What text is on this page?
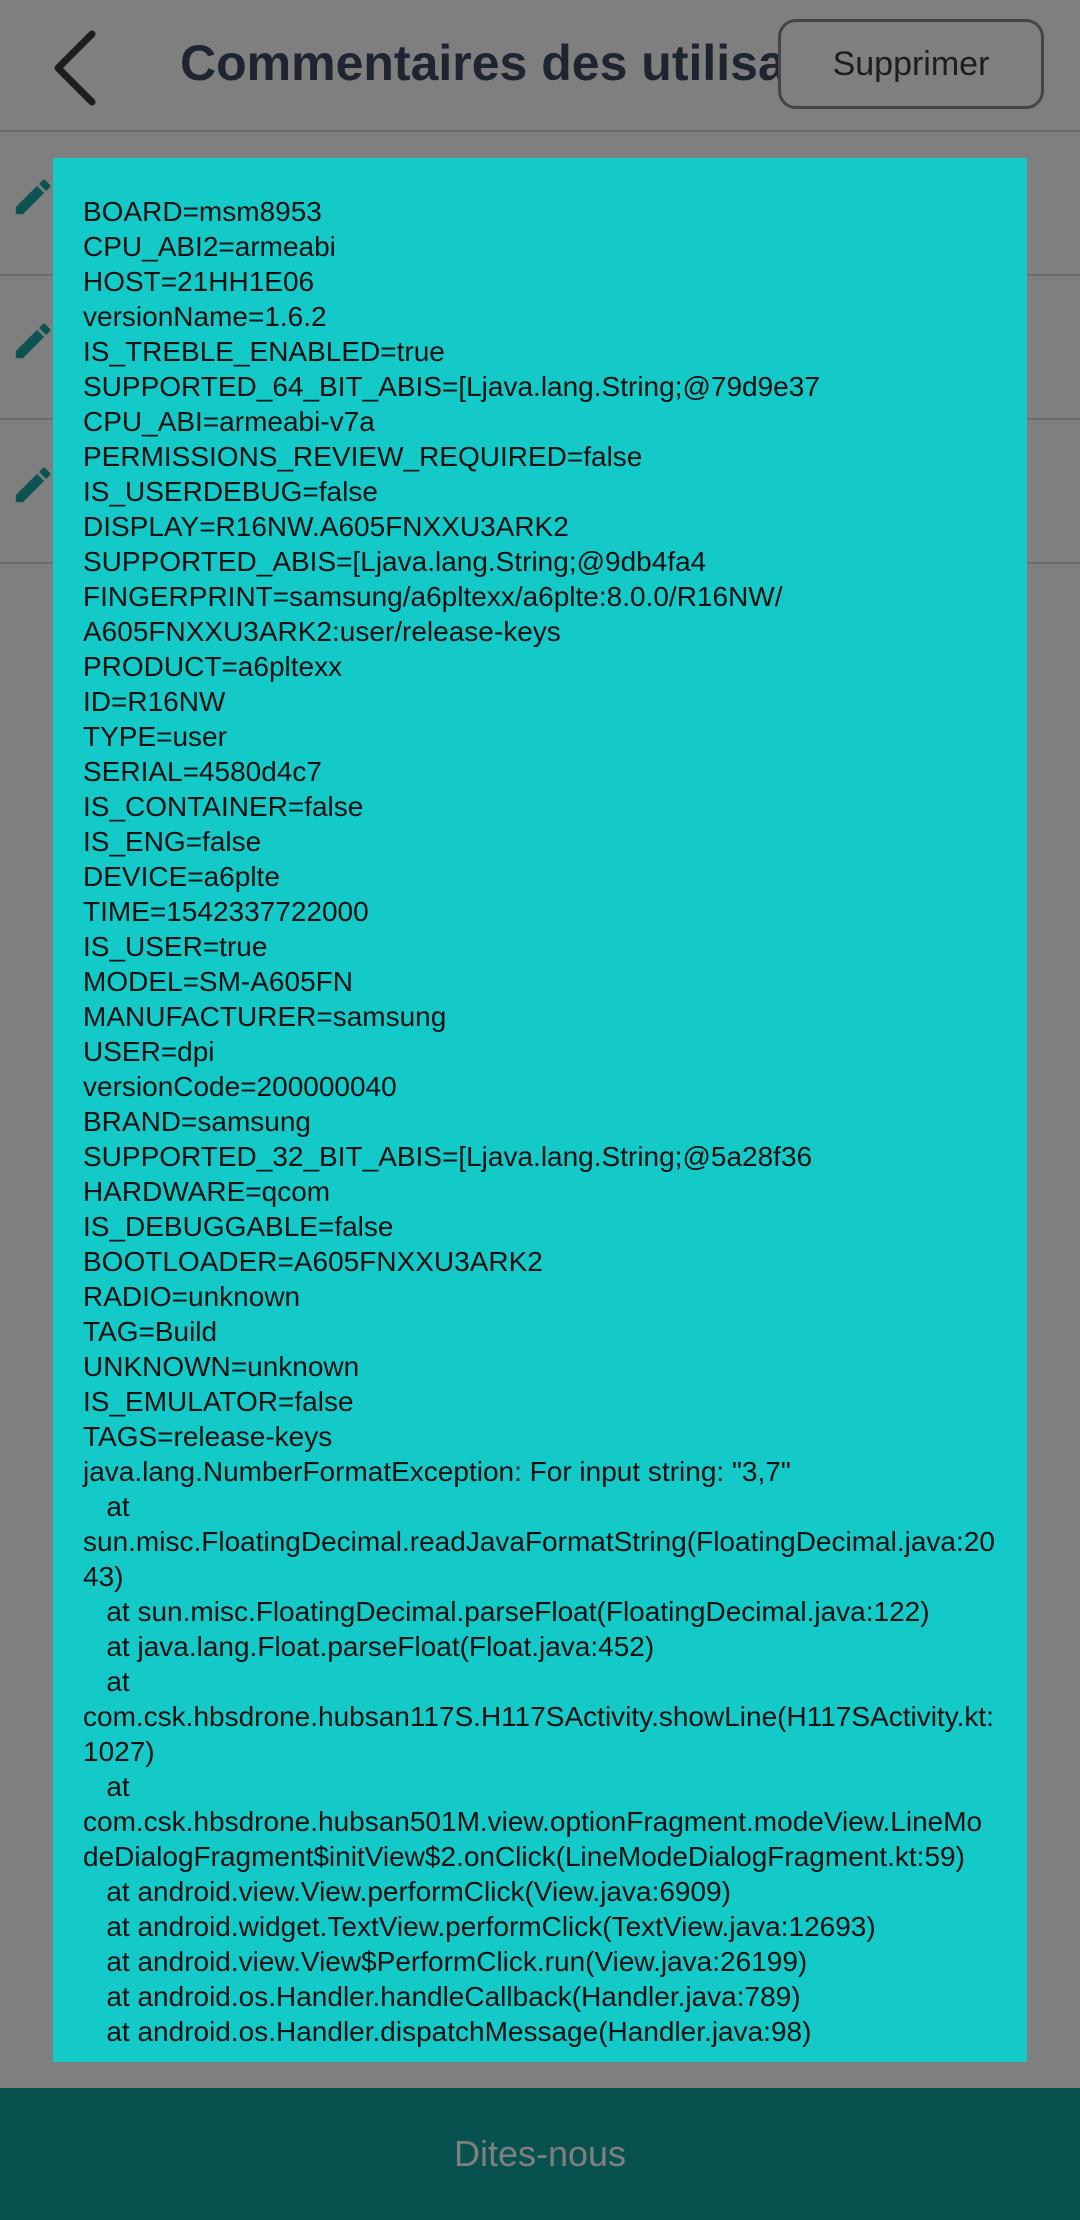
BOARD=msm8953
CPU_ABI2=armeabi
HOST=21HH1E06
versionName=1.6.2
IS_TREBLE_ENABLED=true
SUPPORTED_64_BIT_ABIS=[Ljava.lang.String;@79d9e37
CPU_ABI=armeabi-v7a
PERMISSIONS_REVIEW_REQUIRED=false
IS_USERDEBUG=false
DISPLAY=R16NW.A605FNXXU3ARK2
SUPPORTED_ABIS=[Ljava.lang.String;@9db4fa4
FINGERPRINT=samsung/a6pltexx/a6plte:8.0.0/R16NW/
A605FNXXU3ARK2:user/release-keys
PRODUCT=a6pltexx
ID=R16NW
TYPE=user
SERIAL=4580d4c7
IS_CONTAINER=false
IS_ENG=false
DEVICE=a6plte
TIME=1542337722000
IS_USER=true
MODEL=SM-A605FN
MANUFACTURER=samsung
USER=dpi
versionCode=200000040
BRAND=samsung
SUPPORTED_32_BIT_ABIS=[Ljava.lang.String;@5a28f36
HARDWARE=qcom
IS_DEBUGGABLE=false
BOOTLOADER=A605FNXXU3ARK2
RADIO=unknown
TAG=Build
UNKNOWN=unknown
IS_EMULATOR=false
TAGS=release-keys
java.lang.NumberFormatException: For input string: "3,7"
at
sun.misc.FloatingDecimal.readJavaFormatString(FloatingDecimal.java:2043)
at sun.misc.FloatingDecimal.parseFloat(FloatingDecimal.java:122)
at java.lang.Float.parseFloat(Float.java:452)
at
com.csk.hbsdrone.hubsan117S.H117SActivity.showLine(H117SActivity.kt:1027)
at
com.csk.hbsdrone.hubsan501M.view.optionFragment.modeView.LineModeDialogFragment$initView$2.onClick(LineModeDialogFragment.kt:59)
at android.view.View.performClick(View.java:6909)
at android.widget.TextView.performClick(TextView.java:12693)
at android.view.View$PerformClick.run(View.java:26199)
at android.os.Handler.handleCallback(Handler.java:789)
at android.os.Handler.dispatchMessage(Handler.java:98)
